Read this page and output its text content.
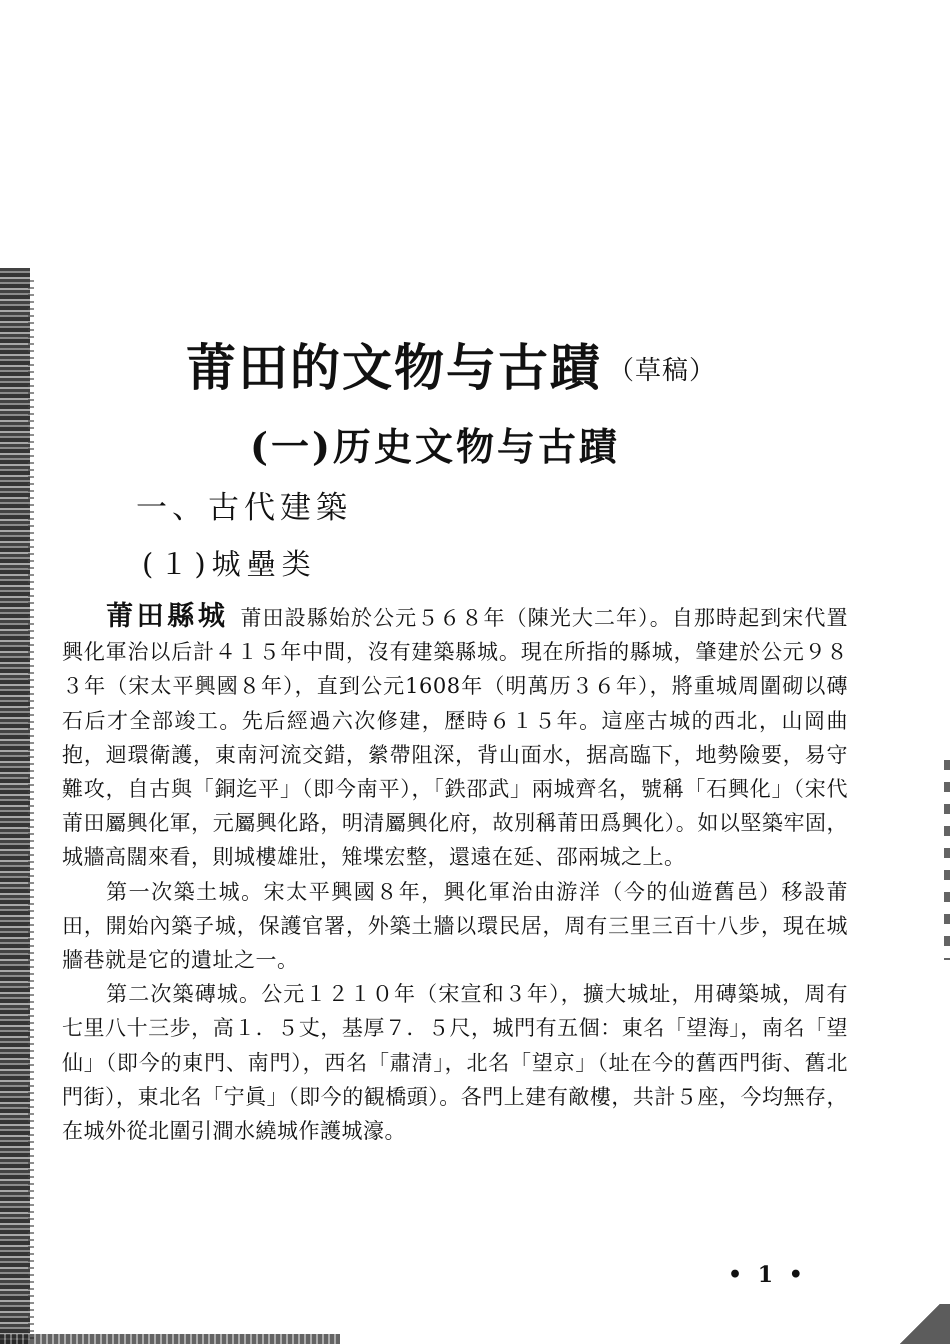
莆田的文物与古蹟 $^{(草稿)}$
(一)历史文物与古蹟
一、古代建築
(１)城壘类

莆田縣城 莆田設縣始於公元５６８年（陳光大二年）。自那時起到宋代置興化軍治以后計４１５年中間，沒有建築縣城。現在所指的縣城，肇建於公元９８３年（宋太平興國８年），直到公元1608年（明萬历３６年），將重城周圍砌以磚石后才全部竣工。先后經過六次修建，歷時６１５年。這座古城的西北，山岡曲抱，迴環衛護，東南河流交錯，縈帶阻深，背山面水，据高臨下，地勢險要，易守難攻，自古與「銅迄平」（即今南平），「鉄邵武」兩城齊名，號稱「石興化」（宋代莆田屬興化軍，元屬興化路，明清屬興化府，故別稱莆田爲興化）。如以堅築牢固，城牆高闊來看，則城樓雄壯，雉堞宏整，還遠在延、邵兩城之上。

第一次築土城。宋太平興國８年，興化軍治由游洋（今的仙遊舊邑）移設莆田，開始內築子城，保護官署，外築土牆以環民居，周有三里三百十八步，現在城牆巷就是它的遺址之一。

第二次築磚城。公元１２１０年（宋宣和３年），擴大城址，用磚築城，周有七里八十三步，高１．５丈，基厚７．５尺，城門有五個：東名「望海」，南名「望仙」（即今的東門、南門），西名「肅清」，北名「望京」（址在今的舊西門街、舊北門街），東北名「宁眞」（即今的観橋頭）。各門上建有敵樓，共計５座，今均無存，在城外從北圍引澗水繞城作護城濠。

• 1 •
